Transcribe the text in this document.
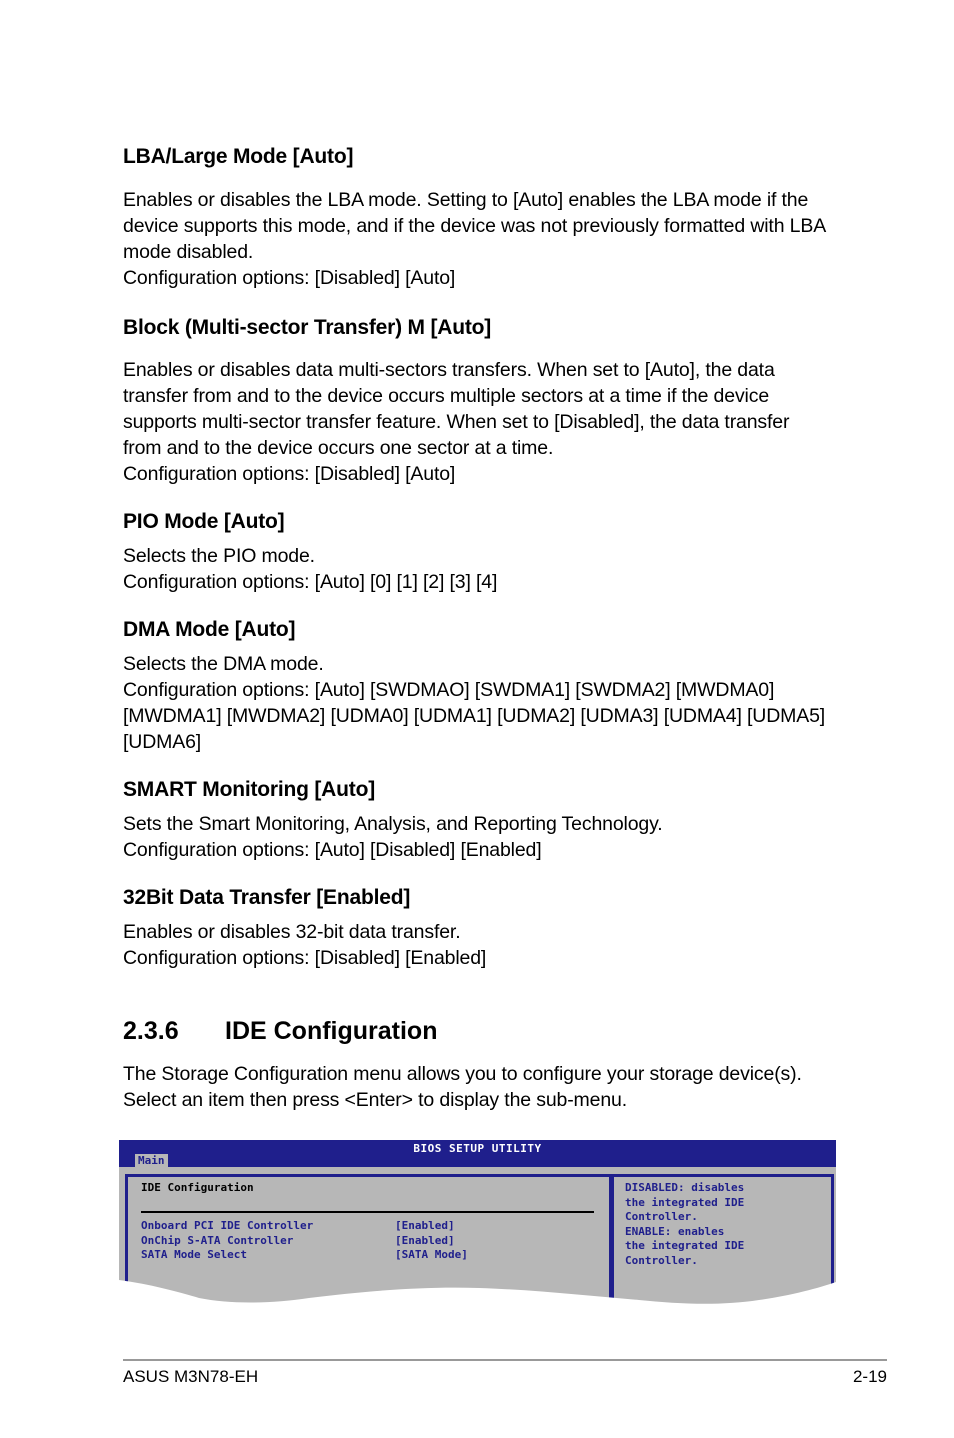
LBA/Large Mode [Auto]
Enables or disables the LBA mode. Setting to [Auto] enables the LBA mode if the
device supports this mode, and if the device was not previously formatted with LBA
mode disabled.
Configuration options: [Disabled] [Auto]
Block (Multi-sector Transfer) M [Auto]
Enables or disables data multi-sectors transfers. When set to [Auto], the data
transfer from and to the device occurs multiple sectors at a time if the device
supports multi-sector transfer feature. When set to [Disabled], the data transfer
from and to the device occurs one sector at a time.
Configuration options: [Disabled] [Auto]
PIO Mode [Auto]
Selects the PIO mode.
Configuration options: [Auto] [0] [1] [2] [3] [4]
DMA Mode [Auto]
Selects the DMA mode.
Configuration options: [Auto] [SWDMAO] [SWDMA1] [SWDMA2] [MWDMA0]
[MWDMA1] [MWDMA2] [UDMA0] [UDMA1] [UDMA2] [UDMA3] [UDMA4] [UDMA5]
[UDMA6]
SMART Monitoring [Auto]
Sets the Smart Monitoring, Analysis, and Reporting Technology.
Configuration options: [Auto] [Disabled] [Enabled]
32Bit Data Transfer [Enabled]
Enables or disables 32-bit data transfer.
Configuration options: [Disabled] [Enabled]
2.3.6 IDE Configuration
The Storage Configuration menu allows you to configure your storage device(s).
Select an item then press <Enter> to display the sub-menu.
BIOS SETUP UTILITY
Main
IDE Configuration
Onboard PCI IDE Controller	[Enabled]
OnChip S-ATA Controller	[Enabled]
SATA Mode Select	[SATA Mode]
DISABLED: disables
the integrated IDE
Controller.
ENABLE: enables
the integrated IDE
Controller.
ASUS M3N78-EH	2-19
